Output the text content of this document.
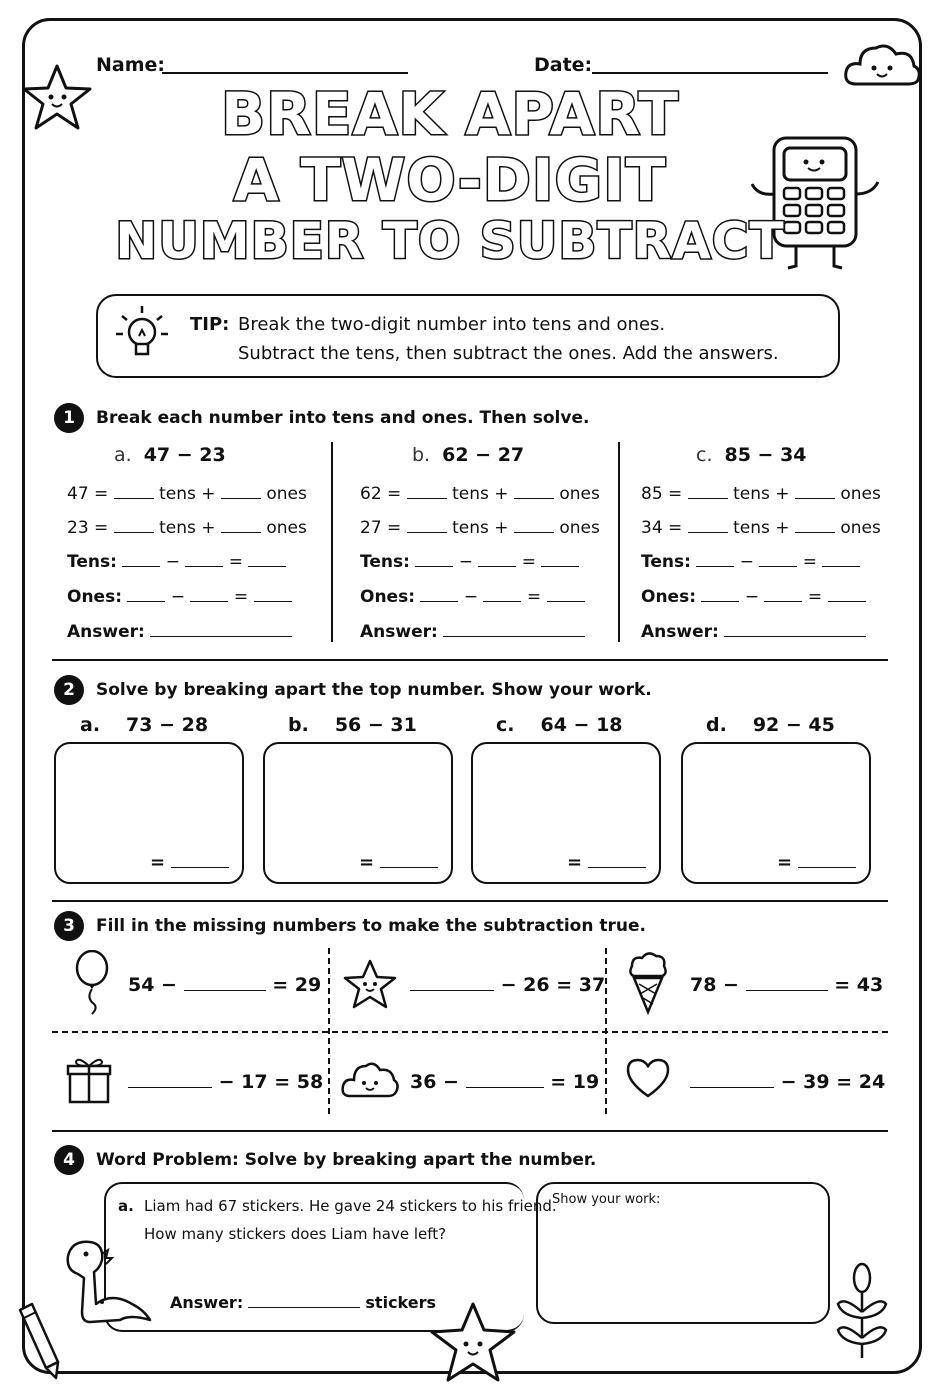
Name:	Date:
BREAK APART
A TWO-DIGIT
NUMBER TO SUBTRACT
TIP: Break the two-digit number into tens and ones.
Subtract the tens, then subtract the ones. Add the answers.
1	Break each number into tens and ones. Then solve.
a. 47 − 23
47 =	tens +	ones
23 =	tens +	ones
Tens:	−	=
Ones:	−	=
Answer:
b. 62 − 27
62 =	tens +	ones
27 =	tens +	ones
Tens:	−	=
Ones:	−	=
Answer:
c. 85 − 34
85 =	tens +	ones
34 =	tens +	ones
Tens:	−	=
Ones:	−	=
Answer:
2	Solve by breaking apart the top number. Show your work.
a. 73 − 28	b. 56 − 31	c. 64 − 18	d. 92 − 45
=	=	=	=
3	Fill in the missing numbers to make the subtraction true.
54 −	= 29	− 26 = 37	78 −	= 43
− 17 = 58	36 −	= 19	− 39 = 24
4	Word Problem: Solve by breaking apart the number.
a. Liam had 67 stickers. He gave 24 stickers to his friend.
How many stickers does Liam have left?
Answer:	stickers
Show your work:
